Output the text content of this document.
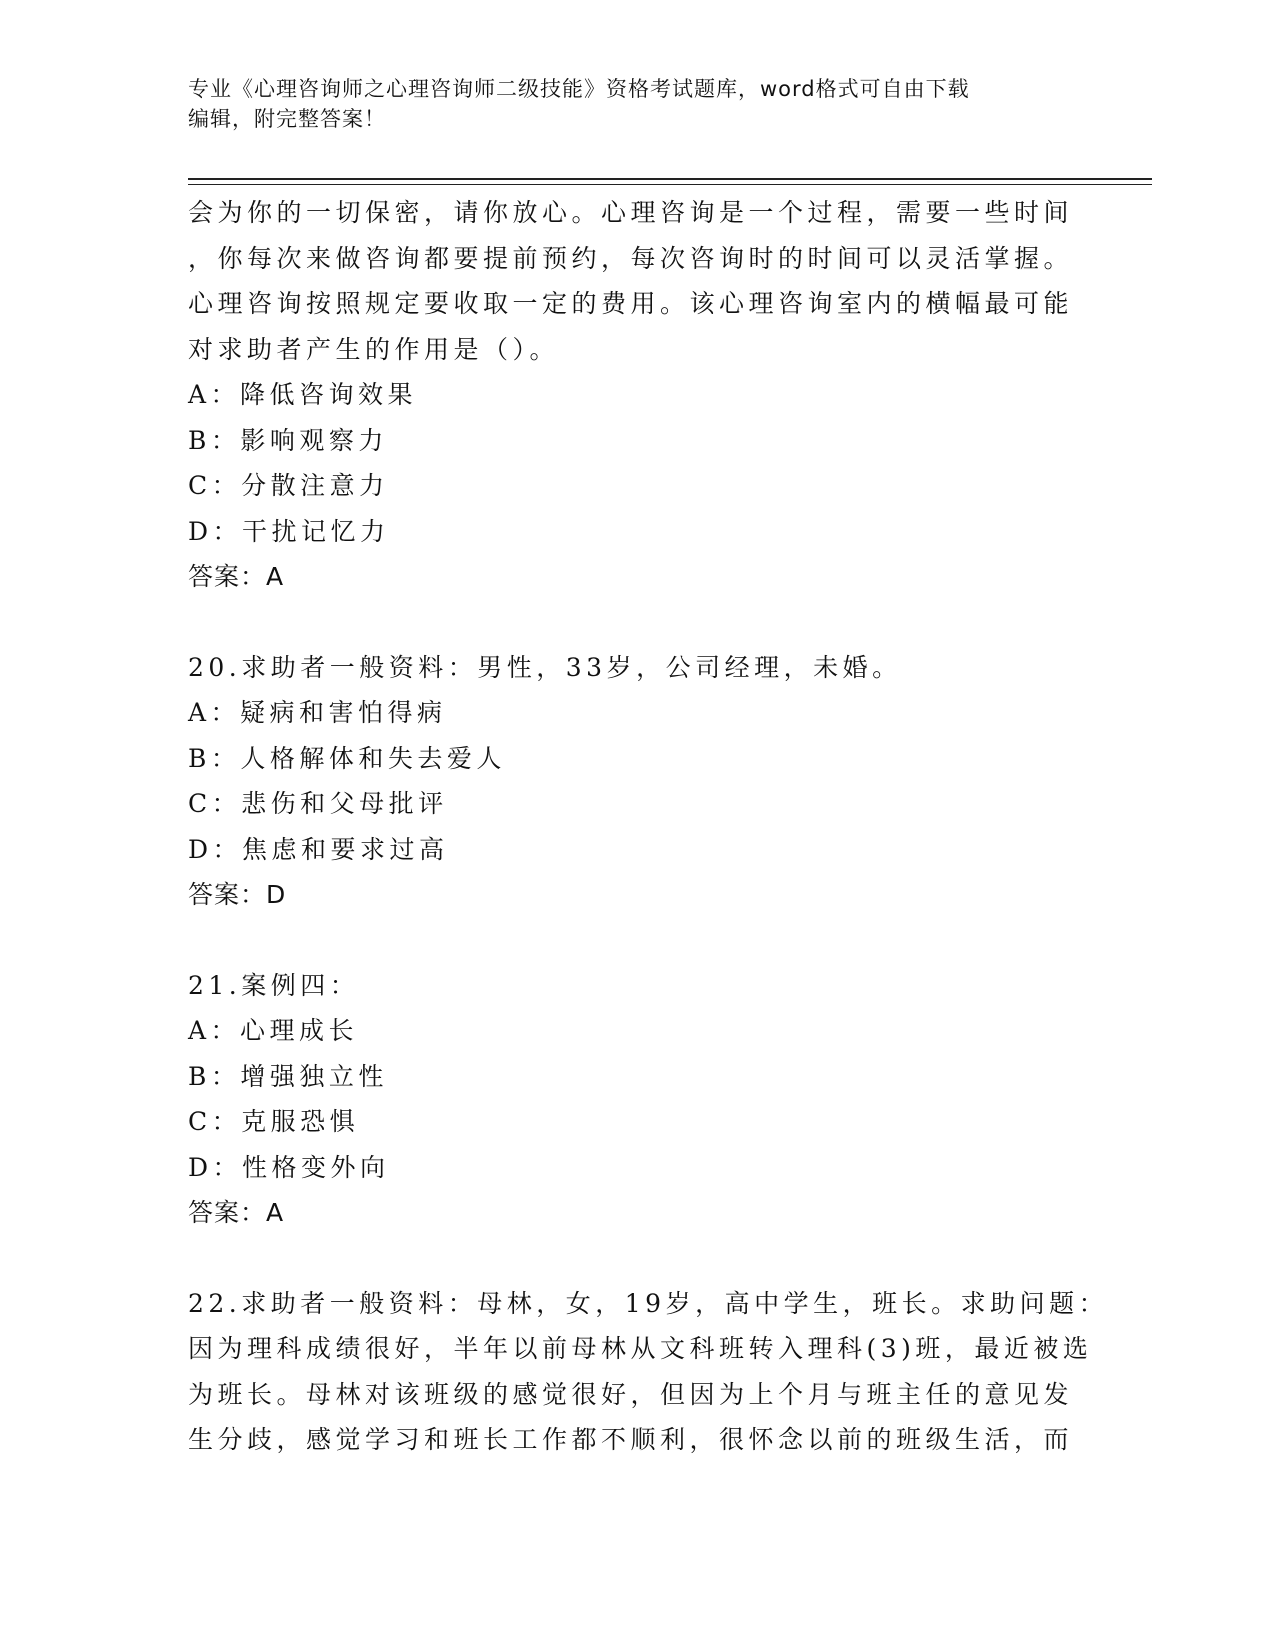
专业《心理咨询师之心理咨询师二级技能》资格考试题库，word格式可自由下载
编辑，附完整答案！
会为你的一切保密，请你放心。心理咨询是一个过程，需要一些时间
，你每次来做咨询都要提前预约，每次咨询时的时间可以灵活掌握。
心理咨询按照规定要收取一定的费用。该心理咨询室内的横幅最可能
对求助者产生的作用是（）。
A：降低咨询效果
B：影响观察力
C：分散注意力
D：干扰记忆力
答案：A
20.求助者一般资料：男性，33岁，公司经理，未婚。
A：疑病和害怕得病
B：人格解体和失去爱人
C：悲伤和父母批评
D：焦虑和要求过高
答案：D
21.案例四：
A：心理成长
B：增强独立性
C：克服恐惧
D：性格变外向
答案：A
22.求助者一般资料：母林，女，19岁，高中学生，班长。求助问题：
因为理科成绩很好，半年以前母林从文科班转入理科(3)班，最近被选
为班长。母林对该班级的感觉很好，但因为上个月与班主任的意见发
生分歧，感觉学习和班长工作都不顺利，很怀念以前的班级生活，而
